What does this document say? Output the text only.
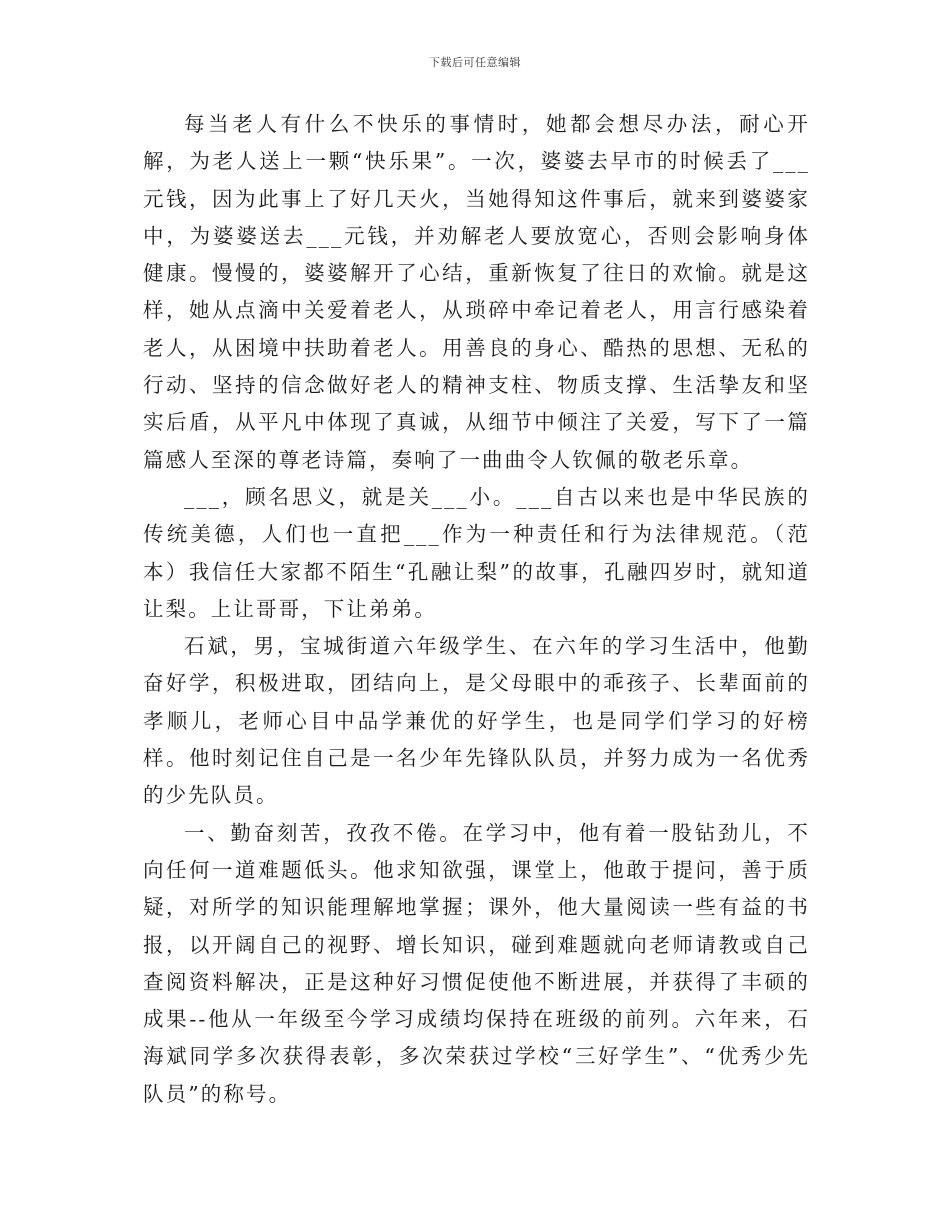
下载后可任意编辑

每当老人有什么不快乐的事情时，她都会想尽办法，耐心开解，为老人送上一颗“快乐果”。一次，婆婆去早市的时候丢了___元钱，因为此事上了好几天火，当她得知这件事后，就来到婆婆家中，为婆婆送去___元钱，并劝解老人要放宽心，否则会影响身体健康。慢慢的，婆婆解开了心结，重新恢复了往日的欢愉。就是这样，她从点滴中关爱着老人，从琐碎中牵记着老人，用言行感染着老人，从困境中扶助着老人。用善良的身心、酷热的思想、无私的行动、坚持的信念做好老人的精神支柱、物质支撑、生活挚友和坚实后盾，从平凡中体现了真诚，从细节中倾注了关爱，写下了一篇篇感人至深的尊老诗篇，奏响了一曲曲令人钦佩的敬老乐章。

___，顾名思义，就是关___小。___自古以来也是中华民族的传统美德，人们也一直把___作为一种责任和行为法律规范。（范本）我信任大家都不陌生“孔融让梨”的故事，孔融四岁时，就知道让梨。上让哥哥，下让弟弟。

石斌，男，宝城街道六年级学生、在六年的学习生活中，他勤奋好学，积极进取，团结向上，是父母眼中的乖孩子、长辈面前的孝顺儿，老师心目中品学兼优的好学生，也是同学们学习的好榜样。他时刻记住自己是一名少年先锋队队员，并努力成为一名优秀的少先队员。

一、勤奋刻苦，孜孜不倦。在学习中，他有着一股钻劲儿，不向任何一道难题低头。他求知欲强，课堂上，他敢于提问，善于质疑，对所学的知识能理解地掌握；课外，他大量阅读一些有益的书报，以开阔自己的视野、增长知识，碰到难题就向老师请教或自己查阅资料解决，正是这种好习惯促使他不断进展，并获得了丰硕的成果--他从一年级至今学习成绩均保持在班级的前列。六年来，石海斌同学多次获得表彰，多次荣获过学校“三好学生”、“优秀少先队员”的称号。
